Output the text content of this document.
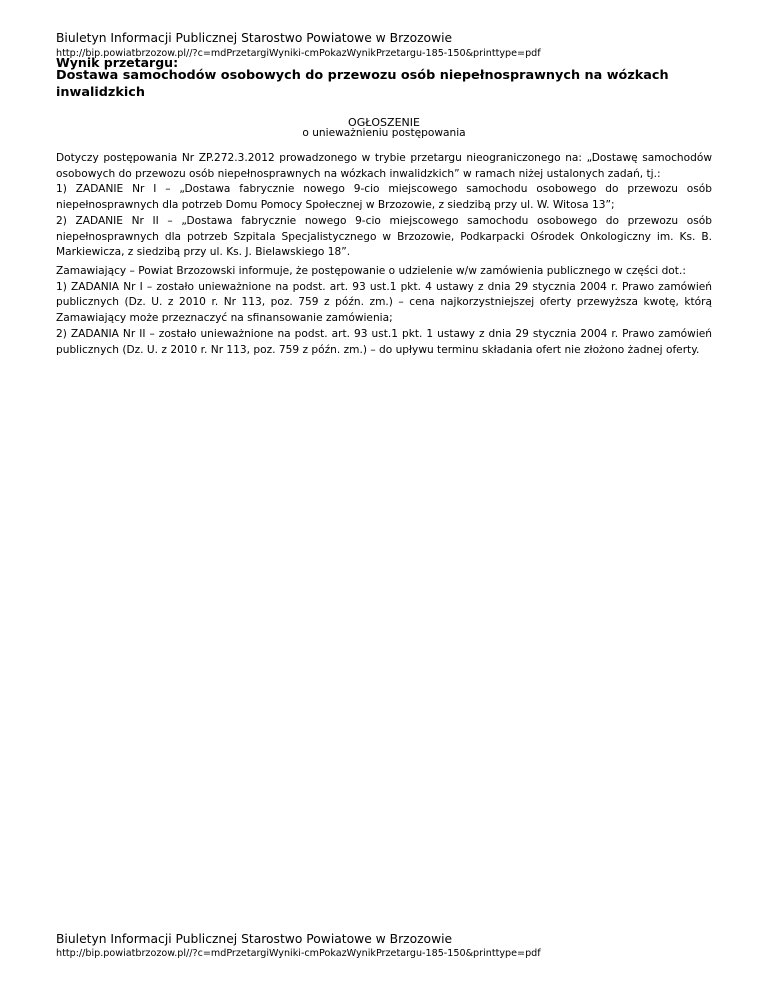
Biuletyn Informacji Publicznej Starostwo Powiatowe w Brzozowie
http://bip.powiatbrzozow.pl//?c=mdPrzetargiWyniki-cmPokazWynikPrzetargu-185-150&printtype=pdf
Wynik przetargu:
Dostawa samochodów osobowych do przewozu osób niepełnosprawnych na wózkach inwalidzkich
OGŁOSZENIE
o unieważnieniu postępowania
Dotyczy postępowania Nr ZP.272.3.2012 prowadzonego w trybie przetargu nieograniczonego na: „Dostawę samochodów osobowych do przewozu osób niepełnosprawnych na wózkach inwalidzkich” w ramach niżej ustalonych zadań, tj.:
1) ZADANIE Nr I – „Dostawa fabrycznie nowego 9-cio miejscowego samochodu osobowego do przewozu osób niepełnosprawnych dla potrzeb Domu Pomocy Społecznej w Brzozowie, z siedzibą przy ul. W. Witosa 13”;
2) ZADANIE Nr II – „Dostawa fabrycznie nowego 9-cio miejscowego samochodu osobowego do przewozu osób niepełnosprawnych dla potrzeb Szpitala Specjalistycznego w Brzozowie, Podkarpacki Ośrodek Onkologiczny im. Ks. B. Markiewicza, z siedzibą przy ul. Ks. J. Bielawskiego 18”.
Zamawiający – Powiat Brzozowski informuje, że postępowanie o udzielenie w/w zamówienia publicznego w części dot.:
1) ZADANIA Nr I – zostało unieważnione na podst. art. 93 ust.1 pkt. 4 ustawy z dnia 29 stycznia 2004 r. Prawo zamówień publicznych (Dz. U. z 2010 r. Nr 113, poz. 759 z późn. zm.) – cena najkorzystniejszej oferty przewyższa kwotę, którą Zamawiający może przeznaczyć na sfinansowanie zamówienia;
2) ZADANIA Nr II – zostało unieważnione na podst. art. 93 ust.1 pkt. 1 ustawy z dnia 29 stycznia 2004 r. Prawo zamówień publicznych (Dz. U. z 2010 r. Nr 113, poz. 759 z późn. zm.) – do upływu terminu składania ofert nie złożono żadnej oferty.
Biuletyn Informacji Publicznej Starostwo Powiatowe w Brzozowie
http://bip.powiatbrzozow.pl//?c=mdPrzetargiWyniki-cmPokazWynikPrzetargu-185-150&printtype=pdf
